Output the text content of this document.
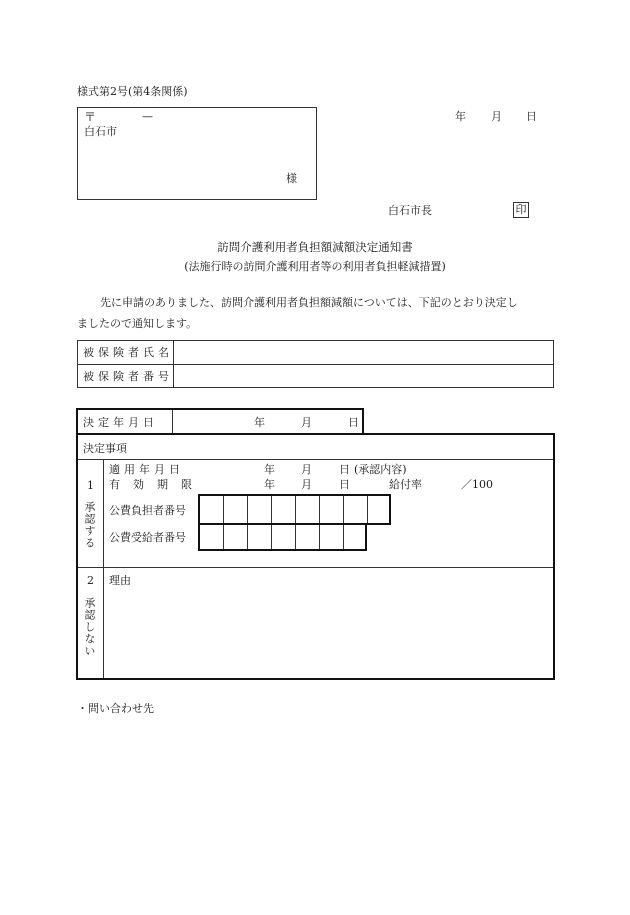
様式第2号(第4条関係)
〒	—
白石市
様
年 月 日
白石市長	印
訪問介護利用者負担額減額決定通知書
(法施行時の訪問介護利用者等の利用者負担軽減措置)
先に申請のありました、訪問介護利用者負担額減額については、下記のとおり決定し
ましたので通知します。
被保険者氏名
被保険者番号
決定年月日	年	月	日
決定事項
1
承認する
適用年月日	年 月 日 (承認内容)
有効期限	年 月 日	給付率	／100
公費負担者番号
公費受給者番号
2
承認しない
理由
・問い合わせ先
